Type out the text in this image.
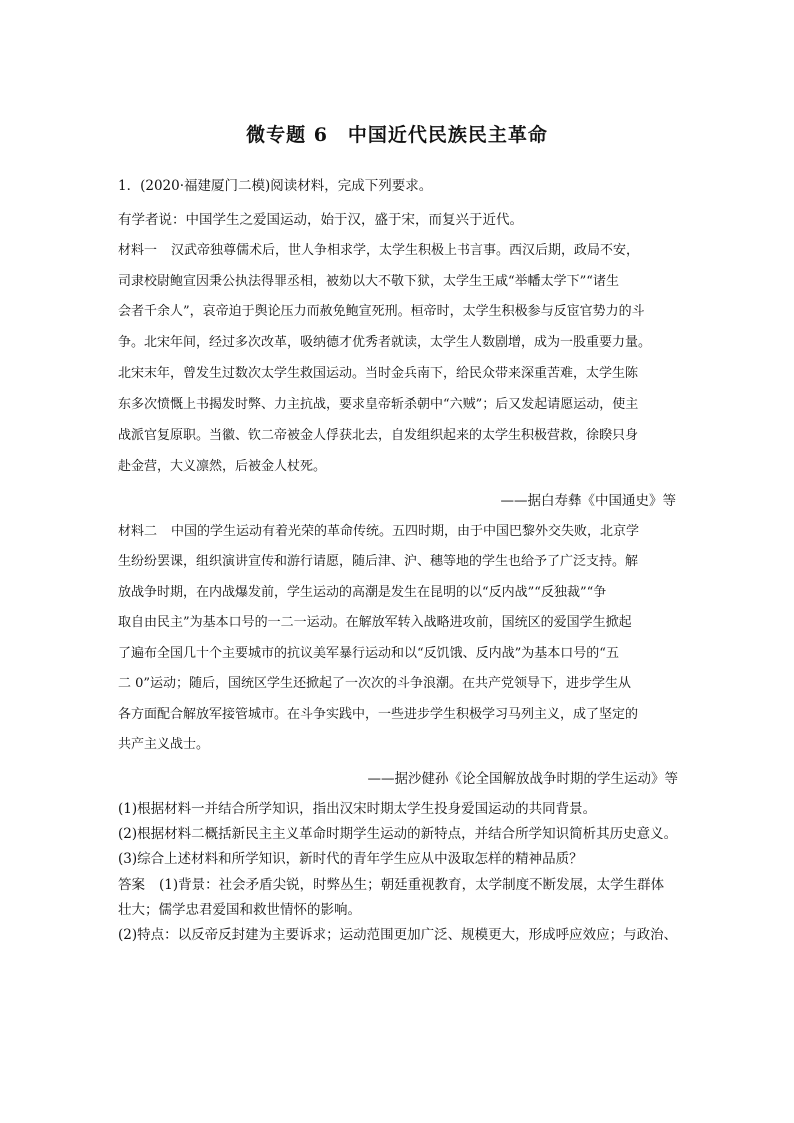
微专题 6　中国近代民族民主革命
1．(2020·福建厦门二模)阅读材料，完成下列要求。
有学者说：中国学生之爱国运动，始于汉，盛于宋，而复兴于近代。
材料一 汉武帝独尊儒术后，世人争相求学，太学生积极上书言事。西汉后期，政局不安，
司隶校尉鲍宣因秉公执法得罪丞相，被劾以大不敬下狱，太学生王咸“举幡太学下”“诸生
会者千余人”，哀帝迫于舆论压力而赦免鲍宣死刑。桓帝时，太学生积极参与反宦官势力的斗
争。北宋年间，经过多次改革，吸纳德才优秀者就读，太学生人数剧增，成为一股重要力量。
北宋末年，曾发生过数次太学生救国运动。当时金兵南下，给民众带来深重苦难，太学生陈
东多次愤慨上书揭发时弊、力主抗战，要求皇帝斩杀朝中“六贼”；后又发起请愿运动，使主
战派官复原职。当徽、钦二帝被金人俘获北去，自发组织起来的太学生积极营救，徐睽只身
赴金营，大义凛然，后被金人杖死。
——据白寿彝《中国通史》等
材料二 中国的学生运动有着光荣的革命传统。五四时期，由于中国巴黎外交失败，北京学
生纷纷罢课，组织演讲宣传和游行请愿，随后津、沪、穗等地的学生也给予了广泛支持。解
放战争时期，在内战爆发前，学生运动的高潮是发生在昆明的以“反内战”“反独裁”“争
取自由民主”为基本口号的一二一运动。在解放军转入战略进攻前，国统区的爱国学生掀起
了遍布全国几十个主要城市的抗议美军暴行运动和以“反饥饿、反内战”为基本口号的“五
二 0”运动；随后，国统区学生还掀起了一次次的斗争浪潮。在共产党领导下，进步学生从
各方面配合解放军接管城市。在斗争实践中，一些进步学生积极学习马列主义，成了坚定的
共产主义战士。
——据沙健孙《论全国解放战争时期的学生运动》等
(1)根据材料一并结合所学知识，指出汉宋时期太学生投身爱国运动的共同背景。
(2)根据材料二概括新民主主义革命时期学生运动的新特点，并结合所学知识简析其历史意义。
(3)综合上述材料和所学知识，新时代的青年学生应从中汲取怎样的精神品质？
答案 (1)背景：社会矛盾尖锐，时弊丛生；朝廷重视教育，太学制度不断发展，太学生群体
壮大；儒学忠君爱国和救世情怀的影响。
(2)特点：以反帝反封建为主要诉求；运动范围更加广泛、规模更大，形成呼应效应；与政治、
